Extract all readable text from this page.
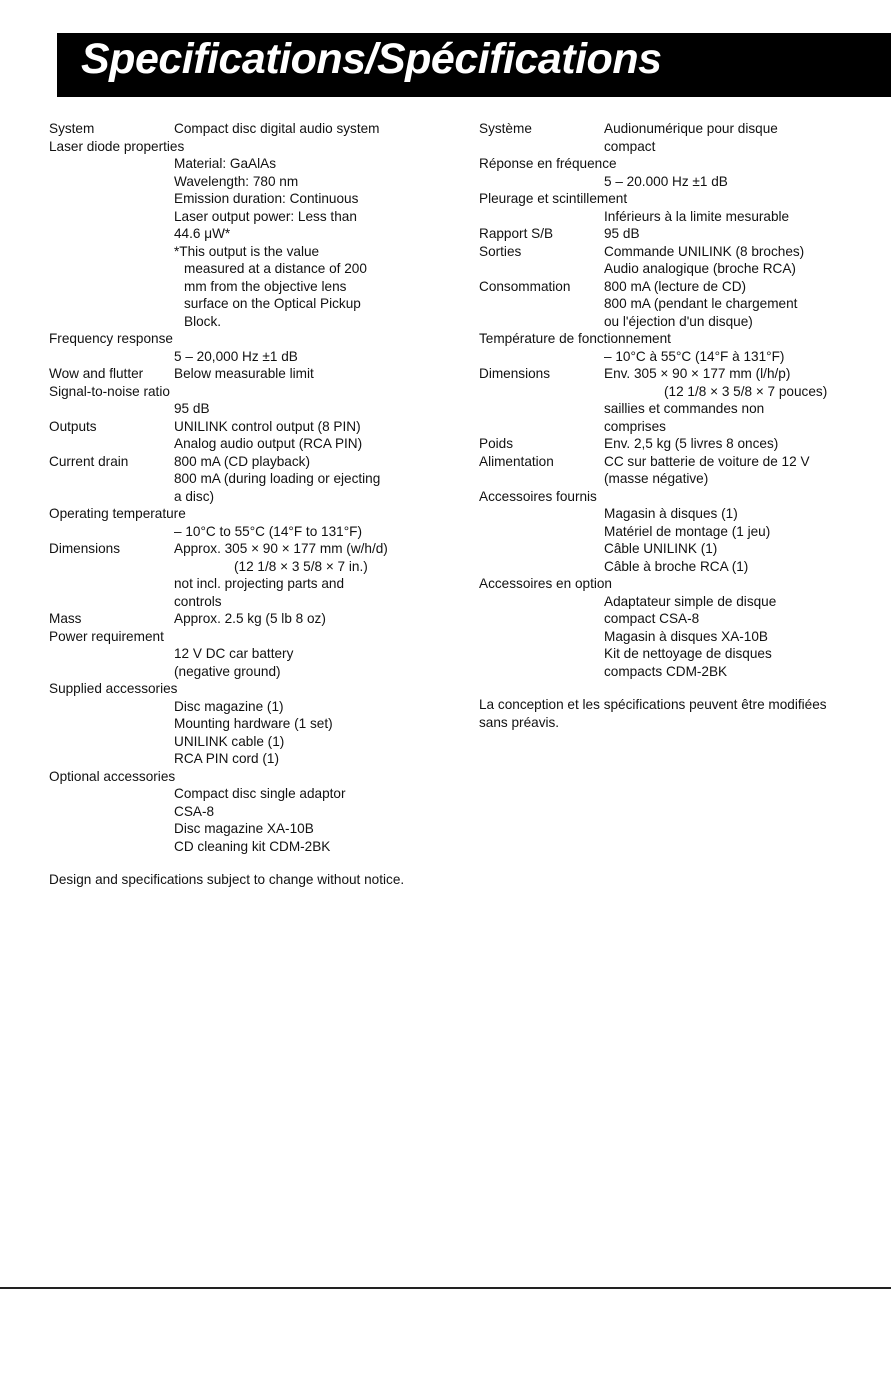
Specifications/Spécifications
System	Compact disc digital audio system
Laser diode properties
Material: GaAlAs
Wavelength: 780 nm
Emission duration: Continuous
Laser output power: Less than
44.6 μW*
*This output is the value
measured at a distance of 200
mm from the objective lens
surface on the Optical Pickup
Block.
Frequency response
5 – 20,000 Hz ±1 dB
Wow and flutter Below measurable limit
Signal-to-noise ratio
95 dB
Outputs	UNILINK control output (8 PIN)
Analog audio output (RCA PIN)
Current drain	800 mA (CD playback)
800 mA (during loading or ejecting
a disc)
Operating temperature
– 10°C to 55°C (14°F to 131°F)
Dimensions	Approx. 305 × 90 × 177 mm (w/h/d)
(12 1/8 × 3 5/8 × 7 in.)
not incl. projecting parts and
controls
Mass	Approx. 2.5 kg (5 lb 8 oz)
Power requirement
12 V DC car battery
(negative ground)
Supplied accessories
Disc magazine (1)
Mounting hardware (1 set)
UNILINK cable (1)
RCA PIN cord (1)
Optional accessories
Compact disc single adaptor
CSA-8
Disc magazine XA-10B
CD cleaning kit CDM-2BK
Design and specifications subject to change without notice.
Système	Audionumérique pour disque
compact
Réponse en fréquence
5 – 20.000 Hz ±1 dB
Pleurage et scintillement
Inférieurs à la limite mesurable
Rapport S/B	95 dB
Sorties	Commande UNILINK (8 broches)
Audio analogique (broche RCA)
Consommation 800 mA (lecture de CD)
800 mA (pendant le chargement
ou l'éjection d'un disque)
Température de fonctionnement
– 10°C à 55°C (14°F à 131°F)
Dimensions	Env. 305 × 90 × 177 mm (l/h/p)
(12 1/8 × 3 5/8 × 7 pouces)
saillies et commandes non
comprises
Poids	Env. 2,5 kg (5 livres 8 onces)
Alimentation	CC sur batterie de voiture de 12 V
(masse négative)
Accessoires fournis
Magasin à disques (1)
Matériel de montage (1 jeu)
Câble UNILINK (1)
Câble à broche RCA (1)
Accessoires en option
Adaptateur simple de disque
compact CSA-8
Magasin à disques XA-10B
Kit de nettoyage de disques
compacts CDM-2BK
La conception et les spécifications peuvent être modifiées sans préavis.
